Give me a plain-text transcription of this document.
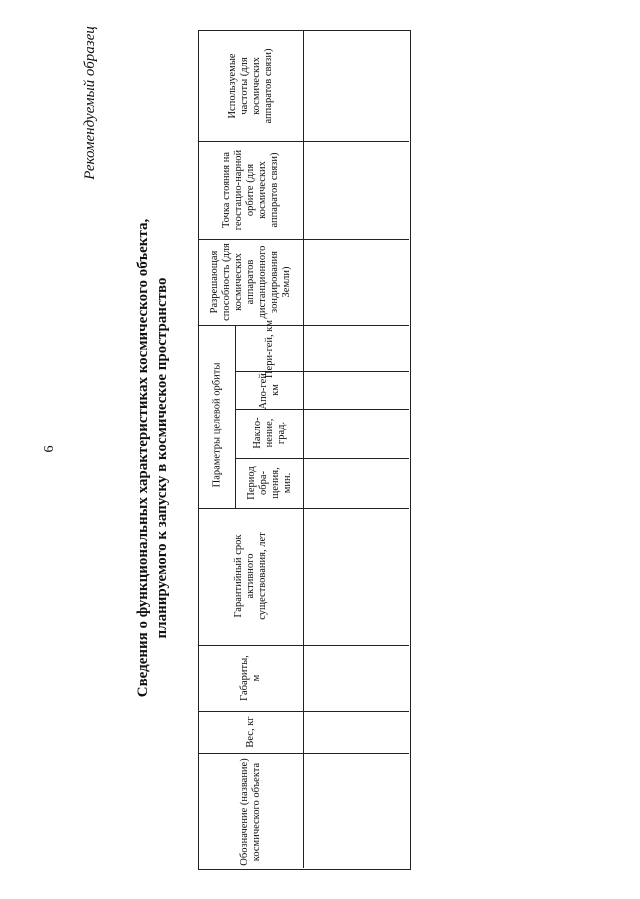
6
Рекомендуемый образец
Сведения о функциональных характеристиках космического объекта, планируемого к запуску в космическое пространство
Используемые частоты (для космических аппаратов связи)
Точка стояния на геостацио-нарной орбите (для космических аппаратов связи)
Разрешающая способность (для космических аппаратов дистанционного зондирования Земли)
Параметры целевой орбиты
Пери-гей, км
Апо-гей, км
Накло-нение, град.
Период обра-щения, мин.
Гарантийный срок активного существования, лет
Габариты, м
Вес, кг
Обозначение (название) космического объекта
